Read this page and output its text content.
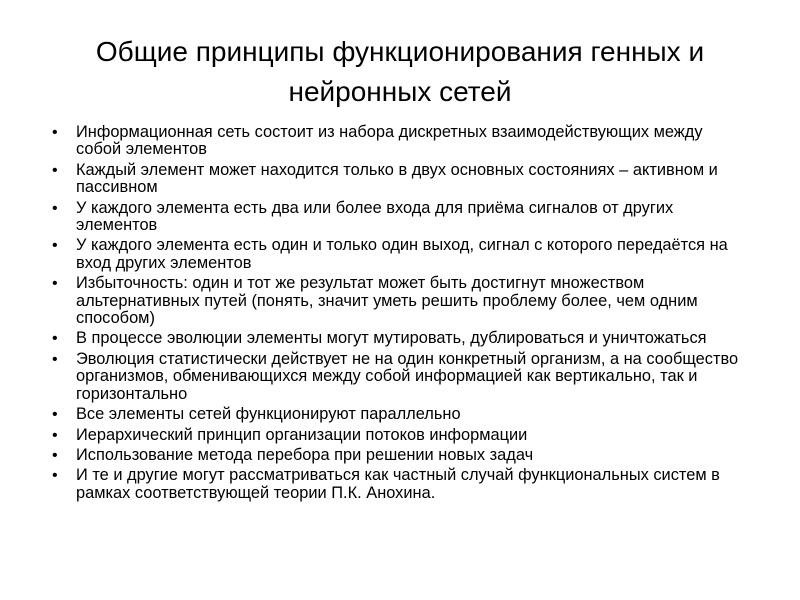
Общие принципы функционирования генных и
нейронных сетей
• Информационная сеть состоит из набора дискретных взаимодействующих между собой элементов
• Каждый элемент может находится только в двух основных состояниях – активном и пассивном
• У каждого элемента есть два или более входа для приёма сигналов от других элементов
• У каждого элемента есть один и только один выход, сигнал с которого передаётся на вход других элементов
• Избыточность: один и тот же результат может быть достигнут множеством альтернативных путей (понять, значит уметь решить проблему более, чем одним способом)
• В процессе эволюции элементы могут мутировать, дублироваться и уничтожаться
• Эволюция статистически действует не на один конкретный организм, а на сообщество организмов, обменивающихся между собой информацией как вертикально, так и горизонтально
• Все элементы сетей функционируют параллельно
• Иерархический принцип организации потоков информации
• Использование метода перебора при решении новых задач
• И те и другие могут рассматриваться как частный случай функциональных систем в рамках соответствующей теории П.К. Анохина.
